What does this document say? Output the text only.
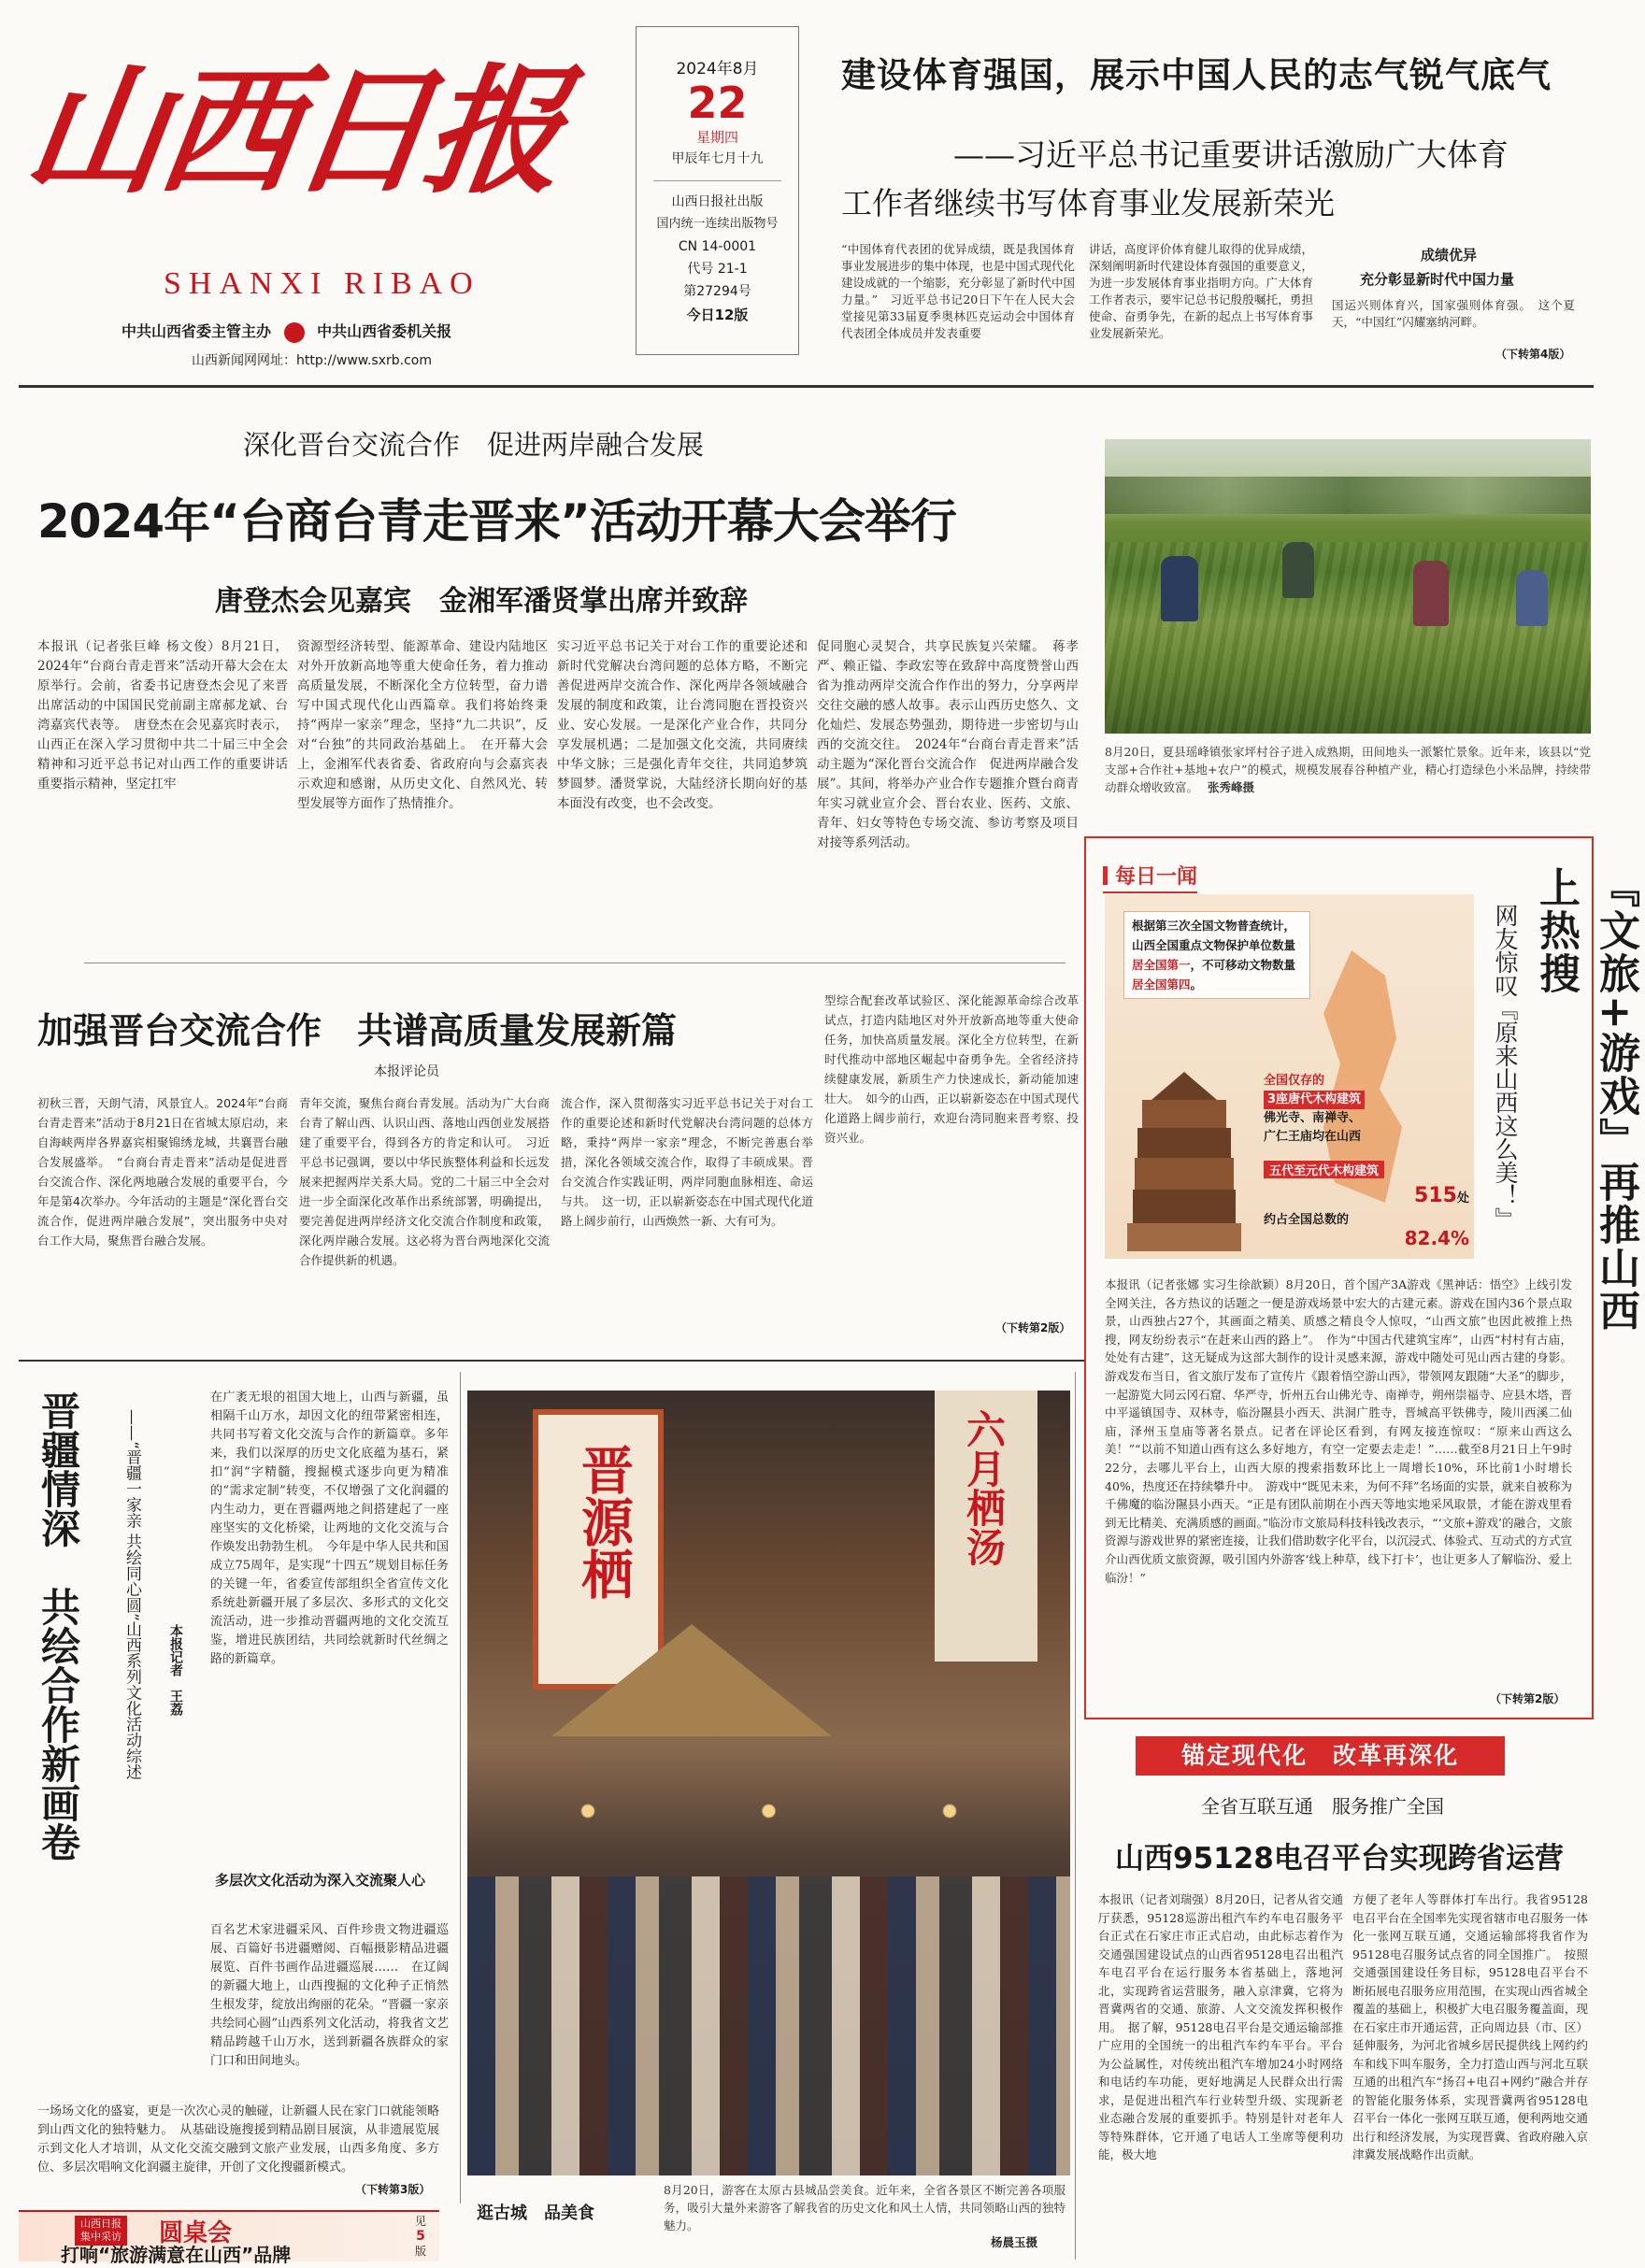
山西日报
SHANXI RIBAO
中共山西省委主管主办	中共山西省委机关报
山西新闻网网址：http://www.sxrb.com
2024年8月
22
星期四
甲辰年七月十九
山西日报社出版
国内统一连续出版物号
CN 14-0001
代号 21-1
第27294号
今日12版
建设体育强国，展示中国人民的志气锐气底气
——习近平总书记重要讲话激励广大体育
工作者继续书写体育事业发展新荣光
“中国体育代表团的优异成绩，既是我国体育事业发展进步的集中体现，也是中国式现代化建设成就的一个缩影，充分彰显了新时代中国力量。”　习近平总书记20日下午在人民大会堂接见第33届夏季奥林匹克运动会中国体育代表团全体成员并发表重要
讲话，高度评价体育健儿取得的优异成绩，深刻阐明新时代建设体育强国的重要意义，为进一步发展体育事业指明方向。广大体育工作者表示，要牢记总书记殷殷嘱托，勇担使命、奋勇争先，在新的起点上书写体育事业发展新荣光。
成绩优异
充分彰显新时代中国力量
国运兴则体育兴，国家强则体育强。　这个夏天，“中国红”闪耀塞纳河畔。
（下转第4版）
深化晋台交流合作　促进两岸融合发展
2024年“台商台青走晋来”活动开幕大会举行
唐登杰会见嘉宾　金湘军潘贤掌出席并致辞
本报讯（记者张巨峰 杨文俊）8月21日，2024年“台商台青走晋来”活动开幕大会在太原举行。会前，省委书记唐登杰会见了来晋出席活动的中国国民党前副主席郝龙斌、台湾嘉宾代表等。　唐登杰在会见嘉宾时表示，山西正在深入学习贯彻中共二十届三中全会精神和习近平总书记对山西工作的重要讲话重要指示精神，坚定扛牢
资源型经济转型、能源革命、建设内陆地区对外开放新高地等重大使命任务，着力推动高质量发展，不断深化全方位转型，奋力谱写中国式现代化山西篇章。我们将始终秉持“两岸一家亲”理念，坚持“九二共识”，反对“台独”的共同政治基础上。　在开幕大会上，金湘军代表省委、省政府向与会嘉宾表示欢迎和感谢，从历史文化、自然风光、转型发展等方面作了热情推介。
实习近平总书记关于对台工作的重要论述和新时代党解决台湾问题的总体方略，不断完善促进两岸交流合作、深化两岸各领域融合发展的制度和政策，让台湾同胞在晋投资兴业、安心发展。一是深化产业合作，共同分享发展机遇；二是加强文化交流，共同赓续中华文脉；三是强化青年交往，共同追梦筑梦圆梦。潘贤掌说，大陆经济长期向好的基本面没有改变，也不会改变。
促同胞心灵契合，共享民族复兴荣耀。　蒋孝严、赖正镒、李政宏等在致辞中高度赞誉山西省为推动两岸交流合作作出的努力，分享两岸交往交融的感人故事。表示山西历史悠久、文化灿烂、发展态势强劲，期待进一步密切与山西的交流交往。　2024年“台商台青走晋来”活动主题为“深化晋台交流合作　促进两岸融合发展”。其间，将举办产业合作专题推介暨台商青年实习就业宣介会、晋台农业、医药、文旅、青年、妇女等特色专场交流、参访考察及项目对接等系列活动。
8月20日，夏县瑶峰镇张家坪村谷子进入成熟期，田间地头一派繁忙景象。近年来，该县以“党支部+合作社+基地+农户”的模式，规模发展春谷种植产业，精心打造绿色小米品牌，持续带动群众增收致富。 张秀峰摄
加强晋台交流合作　共谱高质量发展新篇
本报评论员
初秋三晋，天朗气清，风景宜人。2024年“台商台青走晋来”活动于8月21日在省城太原启动，来自海峡两岸各界嘉宾相聚锦绣龙城，共襄晋台融合发展盛举。　“台商台青走晋来”活动是促进晋台交流合作、深化两地融合发展的重要平台，今年是第4次举办。今年活动的主题是“深化晋台交流合作，促进两岸融合发展”，突出服务中央对台工作大局，聚焦晋台融合发展。
青年交流，聚焦台商台青发展。活动为广大台商台青了解山西、认识山西、落地山西创业发展搭建了重要平台，得到各方的肯定和认可。　习近平总书记强调，要以中华民族整体利益和长远发展来把握两岸关系大局。党的二十届三中全会对进一步全面深化改革作出系统部署，明确提出，要完善促进两岸经济文化交流合作制度和政策，深化两岸融合发展。这必将为晋台两地深化交流合作提供新的机遇。
流合作，深入贯彻落实习近平总书记关于对台工作的重要论述和新时代党解决台湾问题的总体方略，秉持“两岸一家亲”理念，不断完善惠台举措，深化各领域交流合作，取得了丰硕成果。晋台交流合作实践证明，两岸同胞血脉相连、命运与共。　这一切，正以崭新姿态在中国式现代化道路上阔步前行，山西焕然一新、大有可为。
型综合配套改革试验区、深化能源革命综合改革试点，打造内陆地区对外开放新高地等重大使命任务，加快高质量发展。深化全方位转型，在新时代推动中部地区崛起中奋勇争先。全省经济持续健康发展，新质生产力快速成长，新动能加速壮大。　如今的山西，正以崭新姿态在中国式现代化道路上阔步前行，欢迎台湾同胞来晋考察、投资兴业。
（下转第2版）
每日一闻
根据第三次全国文物普查统计，山西全国重点文物保护单位数量居全国第一，不可移动文物数量居全国第四。
全国仅存的
3座唐代木构建筑
佛光寺、南禅寺、
广仁王庙均在山西
五代至元代木构建筑
515处
约占全国总数的
82.4%	『文旅+游戏』再推山西上热搜
网友惊叹『原来山西这么美！』
本报讯（记者张娜 实习生徐歆颖）8月20日，首个国产3A游戏《黑神话：悟空》上线引发全网关注，各方热议的话题之一便是游戏场景中宏大的古建元素。游戏在国内36个景点取景，山西独占27个，其画面之精美、质感之精良令人惊叹，“山西文旅”也因此被推上热搜，网友纷纷表示“在赶来山西的路上”。　作为“中国古代建筑宝库”，山西“村村有古庙，处处有古建”，这无疑成为这部大制作的设计灵感来源，游戏中随处可见山西古建的身影。游戏发布当日，省文旅厅发布了宣传片《跟着悟空游山西》，带领网友跟随“大圣”的脚步，一起游览大同云冈石窟、华严寺，忻州五台山佛光寺、南禅寺，朔州崇福寺、应县木塔，晋中平遥镇国寺、双林寺，临汾隰县小西天、洪洞广胜寺，晋城高平铁佛寺，陵川西溪二仙庙，泽州玉皇庙等著名景点。记者在评论区看到，有网友接连惊叹：“原来山西这么美！”“以前不知道山西有这么多好地方，有空一定要去走走！”……截至8月21日上午9时22分，去哪儿平台上，山西大原的搜索指数环比上一周增长10%，环比前1小时增长40%，热度还在持续攀升中。　游戏中“既见未来，为何不拜”名场面的实景，就来自被称为千佛魔的临汾隰县小西天。“正是有团队前期在小西天等地实地采风取景，才能在游戏里看到无比精美、充满质感的画面。”临汾市文旅局科技科钱改表示，“‘文旅+游戏’的融合，文旅资源与游戏世界的紧密连接，让我们借助数字化平台，以沉浸式、体验式、互动式的方式宣介山西优质文旅资源，吸引国内外游客‘线上种草，线下打卡’，也让更多人了解临汾、爱上临汾！”
（下转第2版）
晋疆情深　共绘合作新画卷	——“晋疆一家亲 共绘同心圆”山西系列文化活动综述 本报记者　王荔
在广袤无垠的祖国大地上，山西与新疆，虽相隔千山万水，却因文化的纽带紧密相连，共同书写着文化交流与合作的新篇章。多年来，我们以深厚的历史文化底蕴为基石，紧扣“润”字精髓，搜掘模式逐步向更为精准的“需求定制”转变，不仅增强了文化润疆的内生动力，更在晋疆两地之间搭建起了一座座坚实的文化桥梁，让两地的文化交流与合作焕发出勃勃生机。　今年是中华人民共和国成立75周年，是实现“十四五”规划目标任务的关键一年，省委宣传部组织全省宣传文化系统赴新疆开展了多层次、多形式的文化交流活动，进一步推动晋疆两地的文化交流互鉴，增进民族团结，共同绘就新时代丝绸之路的新篇章。
多层次文化活动为深入交流聚人心
百名艺术家进疆采风、百件珍贵文物进疆巡展、百篇好书进疆赠阅、百幅摄影精品进疆展览、百件书画作品进疆巡展……　在辽阔的新疆大地上，山西搜掘的文化种子正悄然生根发芽，绽放出绚丽的花朵。“晋疆一家亲 共绘同心圆”山西系列文化活动，将我省文艺精品跨越千山万水，送到新疆各族群众的家门口和田间地头。
一场场文化的盛宴，更是一次次心灵的触碰，让新疆人民在家门口就能领略到山西文化的独特魅力。　从基础设施搜援到精品剧目展演，从非遗展览展示到文化人才培训，从文化交流交融到文旅产业发展，山西多角度、多方位、多层次唱响文化润疆主旋律，开创了文化搜疆新模式。
（下转第3版）
山西日报
集中采访 圆桌会
打响“旅游满意在山西”品牌
见
5
版
晋源栖	六月栖汤
逛古城　品美食
8月20日，游客在太原古县城品尝美食。近年来，全省各景区不断完善各项服务，吸引大量外来游客了解我省的历史文化和风土人情，共同领略山西的独特魅力。
杨晨玉摄
锚定现代化　改革再深化
全省互联互通　服务推广全国
山西95128电召平台实现跨省运营
本报讯（记者刘瑞强）8月20日，记者从省交通厅获悉，95128巡游出租汽车约车电召服务平台正式在石家庄市正式启动，由此标志着作为交通强国建设试点的山西省95128电召出租汽车电召平台在运行服务本省基础上，落地河北，实现跨省运营服务，融入京津冀，它将为晋冀两省的交通、旅游、人文交流发挥积极作用。　据了解，95128电召平台是交通运输部推广应用的全国统一的出租汽车约车平台。平台为公益属性，对传统出租汽车增加24小时网络和电话约车功能，更好地满足人民群众出行需求，是促进出租汽车行业转型升级、实现新老业态融合发展的重要抓手。特别是针对老年人等特殊群体，它开通了电话人工坐席等便利功能，极大地
方便了老年人等群体打车出行。我省95128电召平台在全国率先实现省辖市电召服务一体化一张网互联互通，交通运输部将我省作为95128电召服务试点省的同全国推广。　按照交通强国建设任务目标，95128电召平台不断拓展电召服务应用范围，在实现山西省城全覆盖的基础上，积极扩大电召服务覆盖面，现在石家庄市开通运营，正向周边县（市、区）延伸服务，为河北省城乡居民提供线上网约约车和线下叫车服务，全力打造山西与河北互联互通的出租汽车“扬召+电召+网约”融合并存的智能化服务体系，实现晋冀两省95128电召平台一体化一张网互联互通，便利两地交通出行和经济发展，为实现晋冀、省政府融入京津冀发展战略作出贡献。
